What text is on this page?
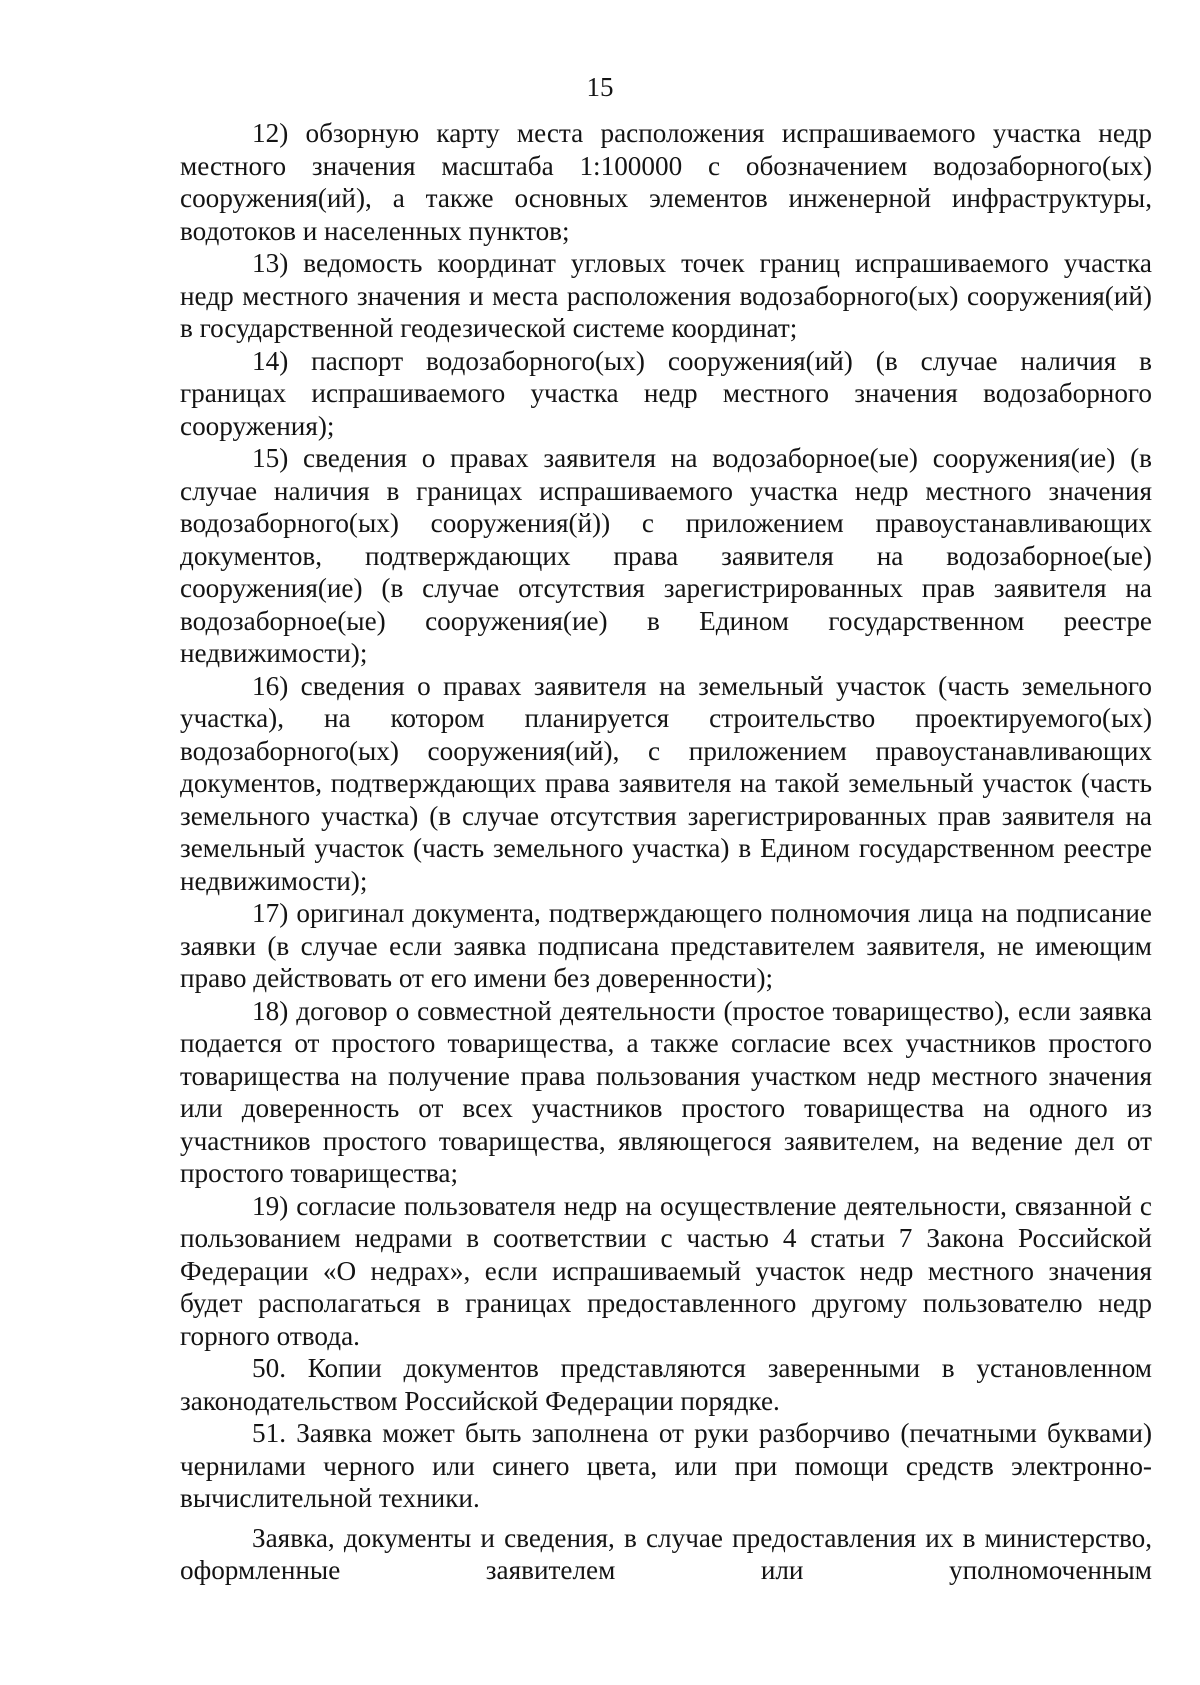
15

12) обзорную карту места расположения испрашиваемого участка недр местного значения масштаба 1:100000 с обозначением водозаборного(ых) сооружения(ий), а также основных элементов инженерной инфраструктуры, водотоков и населенных пунктов;

13) ведомость координат угловых точек границ испрашиваемого участка недр местного значения и места расположения водозаборного(ых) сооружения(ий) в государственной геодезической системе координат;

14) паспорт водозаборного(ых) сооружения(ий) (в случае наличия в границах испрашиваемого участка недр местного значения водозаборного сооружения);

15) сведения о правах заявителя на водозаборное(ые) сооружения(ие) (в случае наличия в границах испрашиваемого участка недр местного значения водозаборного(ых) сооружения(й)) с приложением правоустанавливающих документов, подтверждающих права заявителя на водозаборное(ые) сооружения(ие) (в случае отсутствия зарегистрированных прав заявителя на водозаборное(ые) сооружения(ие) в Едином государственном реестре недвижимости);

16) сведения о правах заявителя на земельный участок (часть земельного участка), на котором планируется строительство проектируемого(ых) водозаборного(ых) сооружения(ий), с приложением правоустанавливающих документов, подтверждающих права заявителя на такой земельный участок (часть земельного участка) (в случае отсутствия зарегистрированных прав заявителя на земельный участок (часть земельного участка) в Едином государственном реестре недвижимости);

17) оригинал документа, подтверждающего полномочия лица на подписание заявки (в случае если заявка подписана представителем заявителя, не имеющим право действовать от его имени без доверенности);

18) договор о совместной деятельности (простое товарищество), если заявка подается от простого товарищества, а также согласие всех участников простого товарищества на получение права пользования участком недр местного значения или доверенность от всех участников простого товарищества на одного из участников простого товарищества, являющегося заявителем, на ведение дел от простого товарищества;

19) согласие пользователя недр на осуществление деятельности, связанной с пользованием недрами в соответствии с частью 4 статьи 7 Закона Российской Федерации «О недрах», если испрашиваемый участок недр местного значения будет располагаться в границах предоставленного другому пользователю недр горного отвода.

50. Копии документов представляются заверенными в установленном законодательством Российской Федерации порядке.

51. Заявка может быть заполнена от руки разборчиво (печатными буквами) чернилами черного или синего цвета, или при помощи средств электронно-вычислительной техники.

Заявка, документы и сведения, в случае предоставления их в министерство, оформленные заявителем или уполномоченным
